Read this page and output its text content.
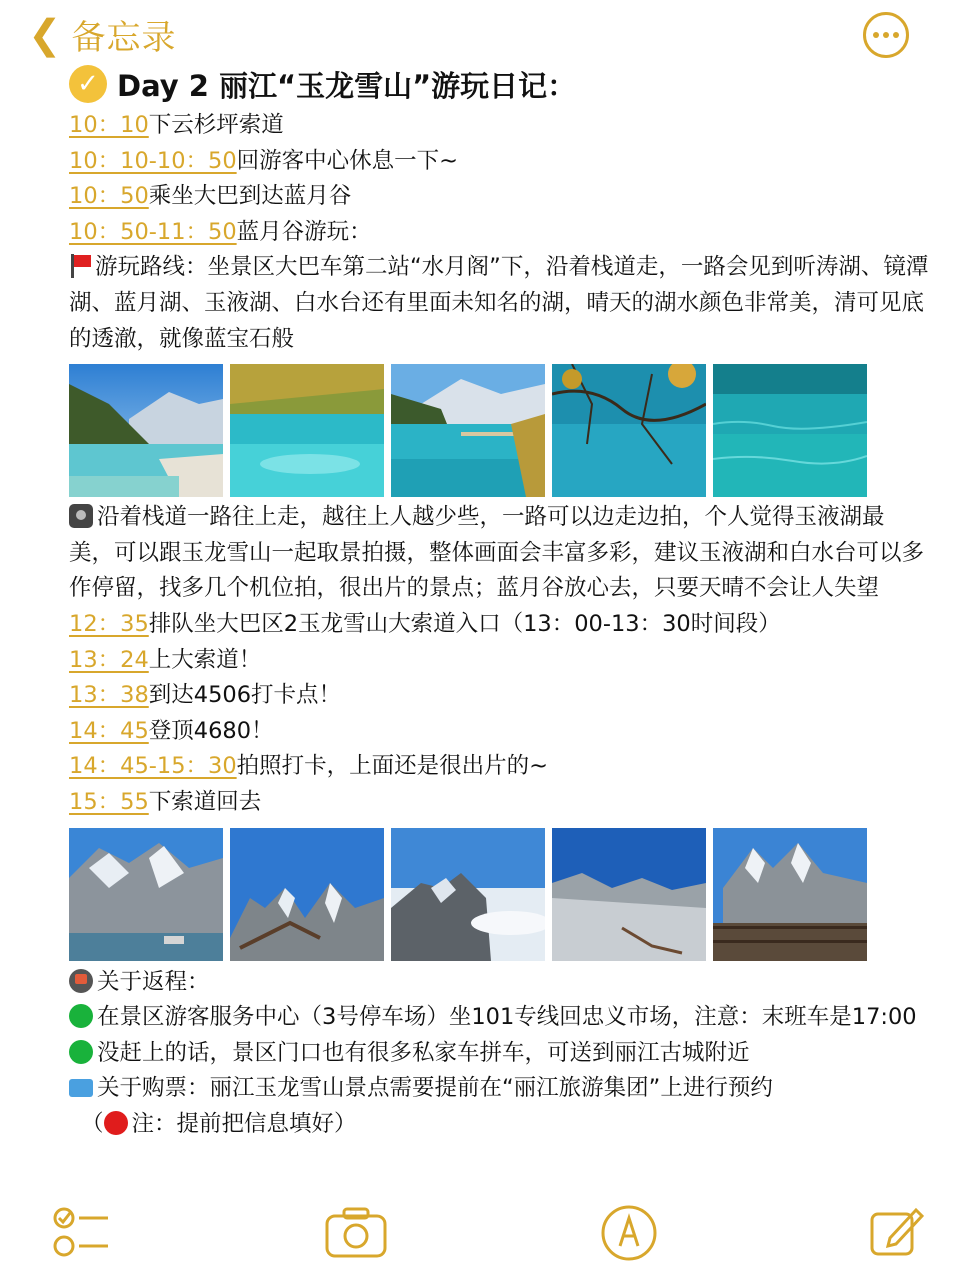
❮ 备忘录
✓ Day 2 丽江“玉龙雪山”游玩日记：
10：10下云杉坪索道
10：10-10：50回游客中心休息一下~
10：50乘坐大巴到达蓝月谷
10：50-11：50蓝月谷游玩：
游玩路线：坐景区大巴车第二站“水月阁”下，沿着栈道走，一路会见到听涛湖、镜潭湖、蓝月湖、玉液湖、白水台还有里面未知名的湖，晴天的湖水颜色非常美，清可见底的透澈，就像蓝宝石般
沿着栈道一路往上走，越往上人越少些，一路可以边走边拍，个人觉得玉液湖最美，可以跟玉龙雪山一起取景拍摄，整体画面会丰富多彩，建议玉液湖和白水台可以多作停留，找多几个机位拍，很出片的景点；蓝月谷放心去，只要天晴不会让人失望
12：35排队坐大巴区2玉龙雪山大索道入口（13：00-13：30时间段）
13：24上大索道！
13：38到达4506打卡点！
14：45登顶4680！
14：45-15：30拍照打卡，上面还是很出片的~
15：55下索道回去
关于返程：
在景区游客服务中心（3号停车场）坐101专线回忠义市场，注意：末班车是17:00
没赶上的话，景区门口也有很多私家车拼车，可送到丽江古城附近
关于购票：丽江玉龙雪山景点需要提前在“丽江旅游集团”上进行预约
（ 注：提前把信息填好）
